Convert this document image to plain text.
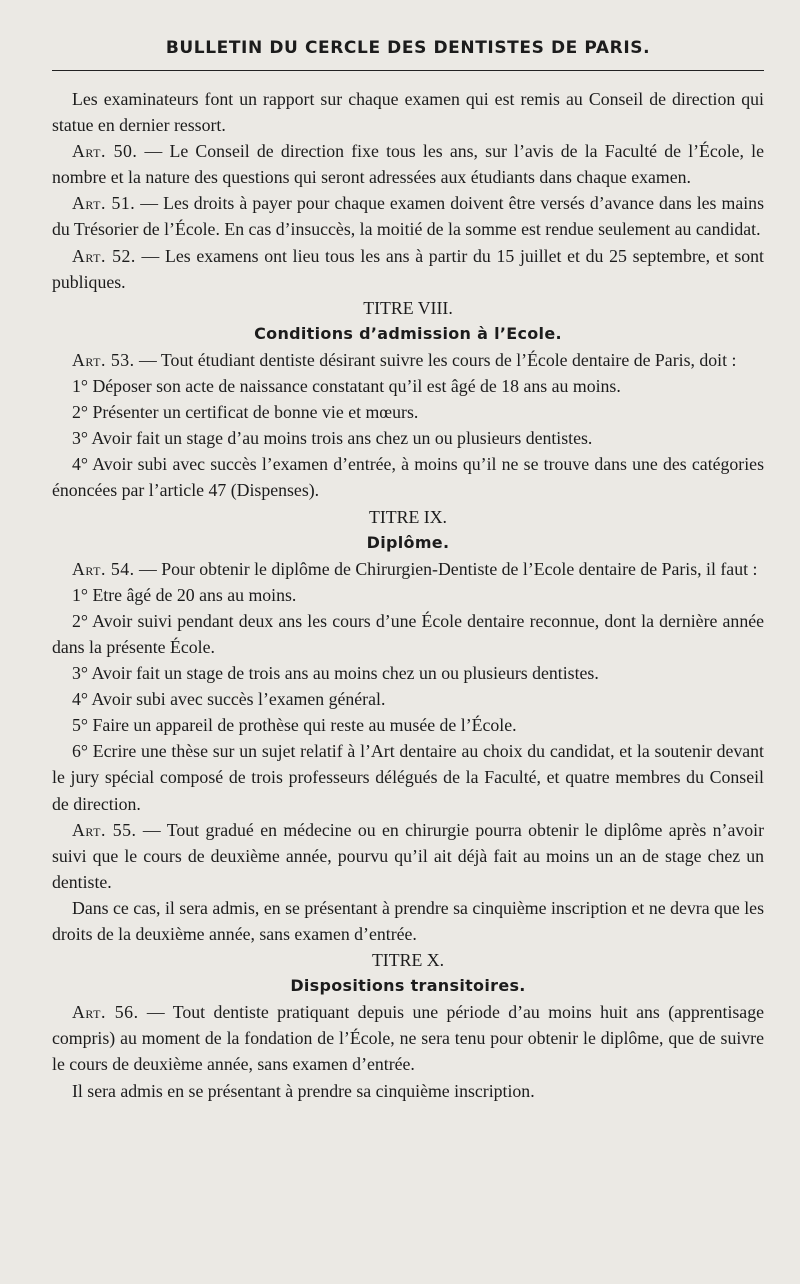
BULLETIN DU CERCLE DES DENTISTES DE PARIS.

Les examinateurs font un rapport sur chaque examen qui est remis au Conseil de direction qui statue en dernier ressort.

Art. 50. — Le Conseil de direction fixe tous les ans, sur l’avis de la Faculté de l’École, le nombre et la nature des questions qui seront adressées aux étudiants dans chaque examen.

Art. 51. — Les droits à payer pour chaque examen doivent être versés d’avance dans les mains du Trésorier de l’École. En cas d’insuccès, la moitié de la somme est rendue seulement au candidat.

Art. 52. — Les examens ont lieu tous les ans à partir du 15 juillet et du 25 septembre, et sont publiques.

TITRE VIII.

Conditions d’admission à l’Ecole.

Art. 53. — Tout étudiant dentiste désirant suivre les cours de l’École dentaire de Paris, doit :

1° Déposer son acte de naissance constatant qu’il est âgé de 18 ans au moins.

2° Présenter un certificat de bonne vie et mœurs.

3° Avoir fait un stage d’au moins trois ans chez un ou plusieurs dentistes.

4° Avoir subi avec succès l’examen d’entrée, à moins qu’il ne se trouve dans une des catégories énoncées par l’article 47 (Dispenses).

TITRE IX.

Diplôme.

Art. 54. — Pour obtenir le diplôme de Chirurgien-Dentiste de l’Ecole dentaire de Paris, il faut :

1° Etre âgé de 20 ans au moins.

2° Avoir suivi pendant deux ans les cours d’une École dentaire reconnue, dont la dernière année dans la présente École.

3° Avoir fait un stage de trois ans au moins chez un ou plusieurs dentistes.

4° Avoir subi avec succès l’examen général.

5° Faire un appareil de prothèse qui reste au musée de l’École.

6° Ecrire une thèse sur un sujet relatif à l’Art dentaire au choix du candidat, et la soutenir devant le jury spécial composé de trois professeurs délégués de la Faculté, et quatre membres du Conseil de direction.

Art. 55. — Tout gradué en médecine ou en chirurgie pourra obtenir le diplôme après n’avoir suivi que le cours de deuxième année, pourvu qu’il ait déjà fait au moins un an de stage chez un dentiste.

Dans ce cas, il sera admis, en se présentant à prendre sa cinquième inscription et ne devra que les droits de la deuxième année, sans examen d’entrée.

TITRE X.

Dispositions transitoires.

Art. 56. — Tout dentiste pratiquant depuis une période d’au moins huit ans (apprentisage compris) au moment de la fondation de l’École, ne sera tenu pour obtenir le diplôme, que de suivre le cours de deuxième année, sans examen d’entrée.

Il sera admis en se présentant à prendre sa cinquième inscription.
